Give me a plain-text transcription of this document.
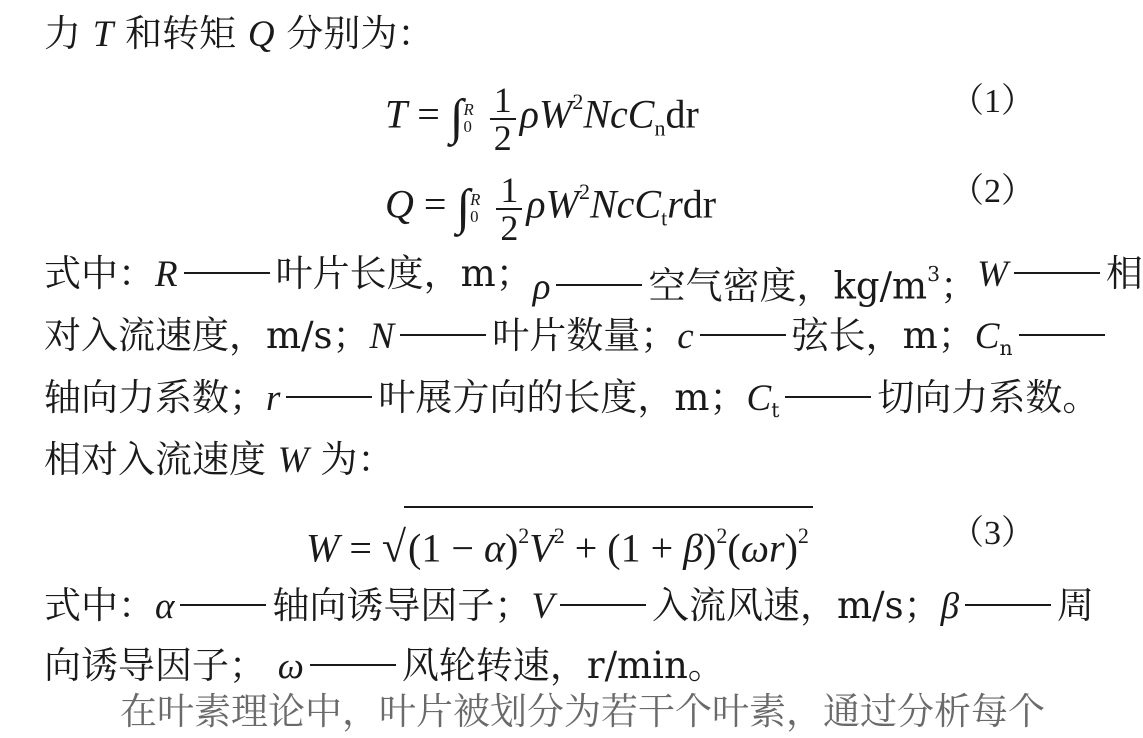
力 T 和转矩 Q 分别为：
T = ∫ R
0
$\frac{1}{2} \rho W^2NcC_ndr$	（1）
Q = ∫ R
0
$\frac{1}{2} \rho W^2NcC_trdr$	（2）
式中： R	叶片长度，m； ρ	空气密度，$kg/m^3$； W	相
对入流速度，m/s； N	叶片数量； c	弦长，m； $C_n$
轴向力系数； r	叶展方向的长度，m； $C_t$	切向力系数。
相对入流速度 W 为：
$W = √(1 - \alpha)^2V^2 + (1 + \beta)^2(\omega r)^2$	（3）
式中： α	轴向诱导因子； V	入流风速，m/s； β	周
向诱导因子； ω	风轮转速，r/min。
在叶素理论中，叶片被划分为若干个叶素，通过分析每个
